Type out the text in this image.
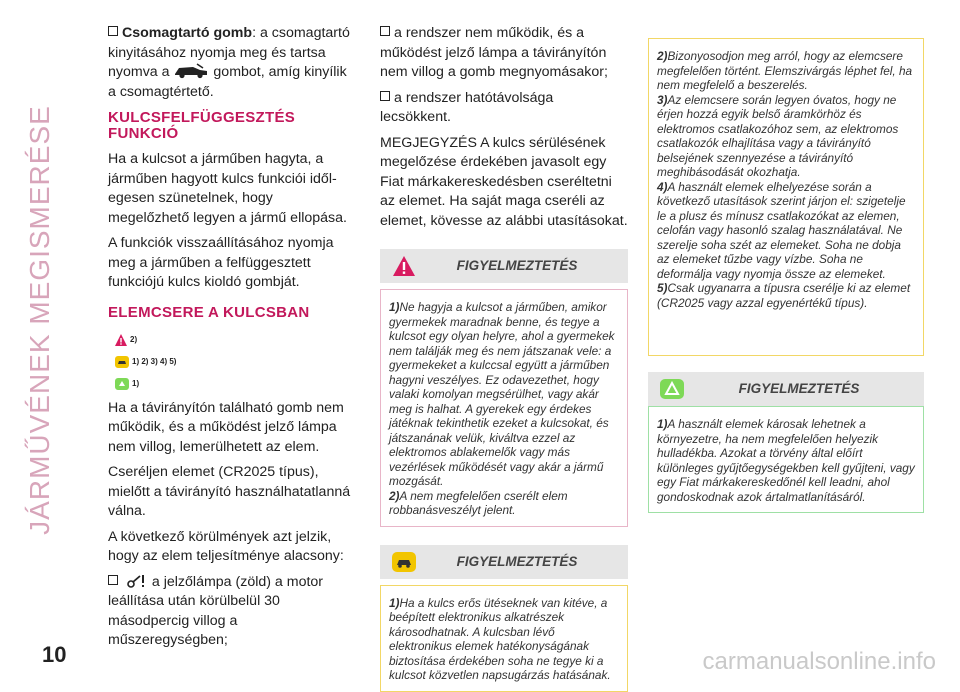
JÁRMŰVÉNEK MEGISMERÉSE

Csomagtartó gomb: a csomagtartó kinyitásához nyomja meg és tartsa nyomva a	gombot, amíg kinyílik a csomagtértető.

KULCSFELFÜGGESZTÉS FUNKCIÓ

Ha a kulcsot a járműben hagyta, a járműben hagyott kulcs funkciói időlegesen szünetelnek, hogy megelőzhető legyen a jármű ellopása.

A funkciók visszaállításához nyomja meg a járműben a felfüggesztett funkciójú kulcs kioldó gombját.

ELEMCSERE A KULCSBAN
2)
1) 2) 3) 4) 5)
1)

Ha a távirányítón található gomb nem működik, és a működést jelző lámpa nem villog, lemerülhetett az elem.

Cseréljen elemet (CR2025 típus), mielőtt a távirányító használhatatlanná válna.

A következő körülmények azt jelzik, hogy az elem teljesítménye alacsony:

a jelzőlámpa (zöld) a motor leállítása után körülbelül 30 másodpercig villog a műszeregységben;

a rendszer nem működik, és a működést jelző lámpa a távirányítón nem villog a gomb megnyomásakor;

a rendszer hatótávolsága lecsökkent.

MEGJEGYZÉS A kulcs sérülésének megelőzése érdekében javasolt egy Fiat márkakereskedésben cseréltetni az elemet. Ha saját maga cseréli az elemet, kövesse az alábbi utasításokat.

FIGYELMEZTETÉS

1)Ne hagyja a kulcsot a járműben, amikor gyermekek maradnak benne, és tegye a kulcsot egy olyan helyre, ahol a gyermekek nem találják meg és nem játszanak vele: a gyermekeket a kulccsal együtt a járműben hagyni veszélyes. Ez odavezethet, hogy valaki komolyan megsérülhet, vagy akár meg is halhat. A gyerekek egy érdekes játéknak tekinthetik ezeket a kulcsokat, és játszanának velük, kiváltva ezzel az elektromos ablakemelők vagy más vezérlések működését vagy akár a jármű mozgását.

2)A nem megfelelően cserélt elem robbanásveszélyt jelent.

FIGYELMEZTETÉS

1)Ha a kulcs erős ütéseknek van kitéve, a beépített elektronikus alkatrészek károsodhatnak. A kulcsban lévő elektronikus elemek hatékonyságának biztosítása érdekében soha ne tegye ki a kulcsot közvetlen napsugárzás hatásának.

2)Bizonyosodjon meg arról, hogy az elemcsere megfelelően történt. Elemszivárgás léphet fel, ha nem megfelelő a beszerelés.

3)Az elemcsere során legyen óvatos, hogy ne érjen hozzá egyik belső áramkörhöz és elektromos csatlakozóhoz sem, az elektromos csatlakozók elhajlítása vagy a távirányító belsejének szennyezése a távirányító meghibásodását okozhatja.

4)A használt elemek elhelyezése során a következő utasítások szerint járjon el: szigetelje le a plusz és mínusz csatlakozókat az elemen, celofán vagy hasonló szalag használatával. Ne szerelje soha szét az elemeket. Soha ne dobja az elemeket tűzbe vagy vízbe. Soha ne deformálja vagy nyomja össze az elemeket.

5)Csak ugyanarra a típusra cserélje ki az elemet (CR2025 vagy azzal egyenértékű típus).

FIGYELMEZTETÉS

1)A használt elemek károsak lehetnek a környezetre, ha nem megfelelően helyezik hulladékba. Azokat a törvény által előírt különleges gyűjtőegységekben kell gyűjteni, vagy egy Fiat márkakereskedőnél kell leadni, ahol gondoskodnak azok ártalmatlanításáról.

10	carmanualsonline.info
